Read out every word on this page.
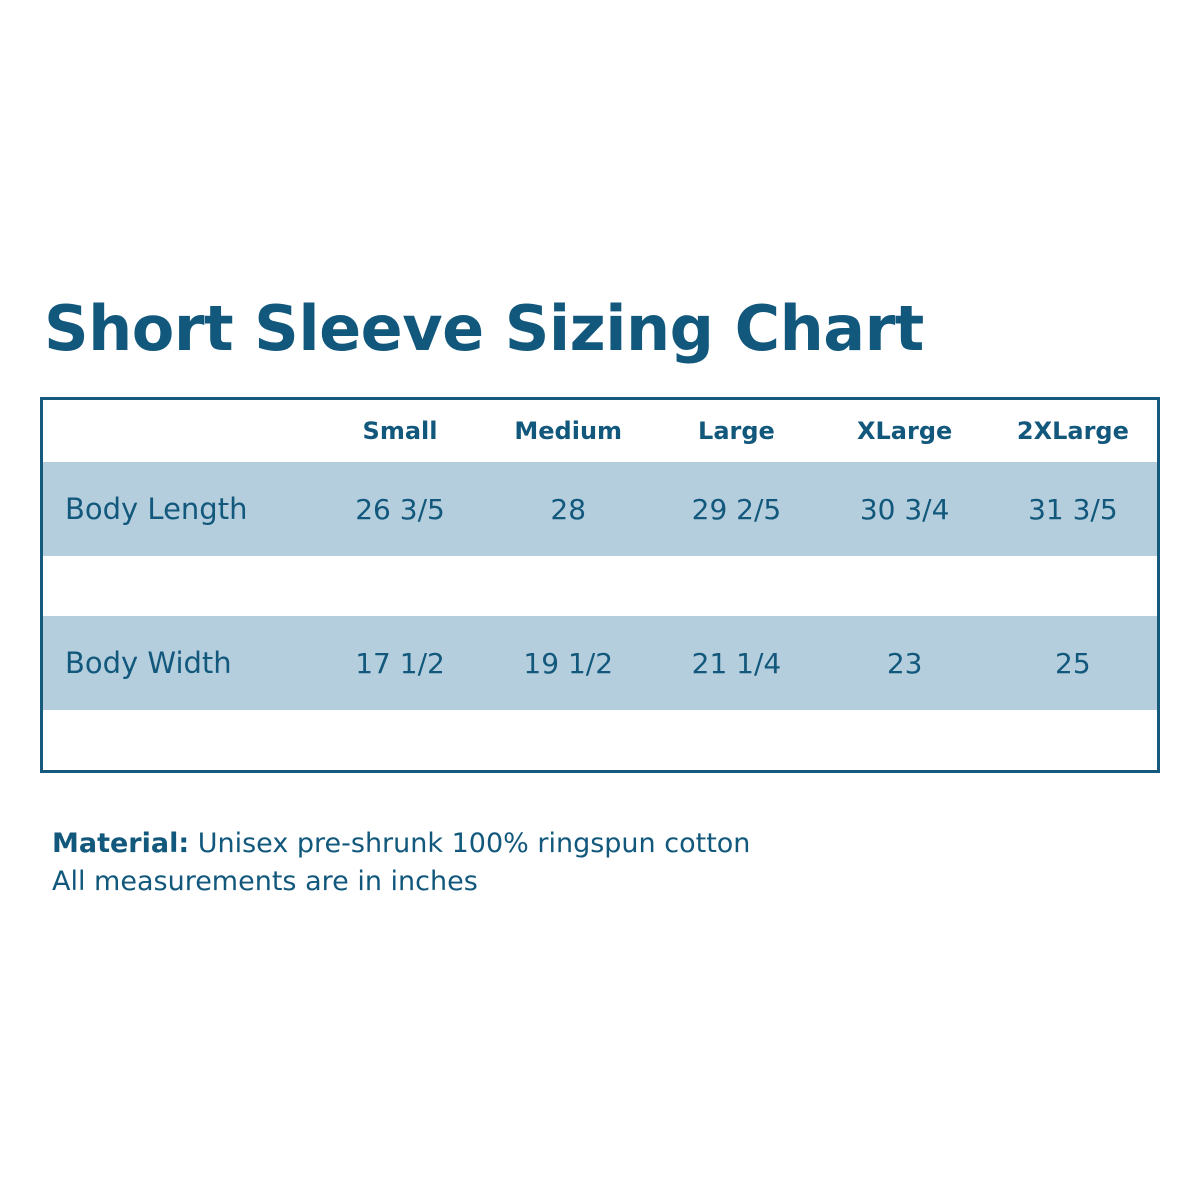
Short Sleeve Sizing Chart
	Small	Medium	Large	XLarge	2XLarge
Body Length	26 3/5	28	29 2/5	30 3/4	31 3/5

Body Width	17 1/2	19 1/2	21 1/4	23	25

Material: Unisex pre-shrunk 100% ringspun cotton
All measurements are in inches
